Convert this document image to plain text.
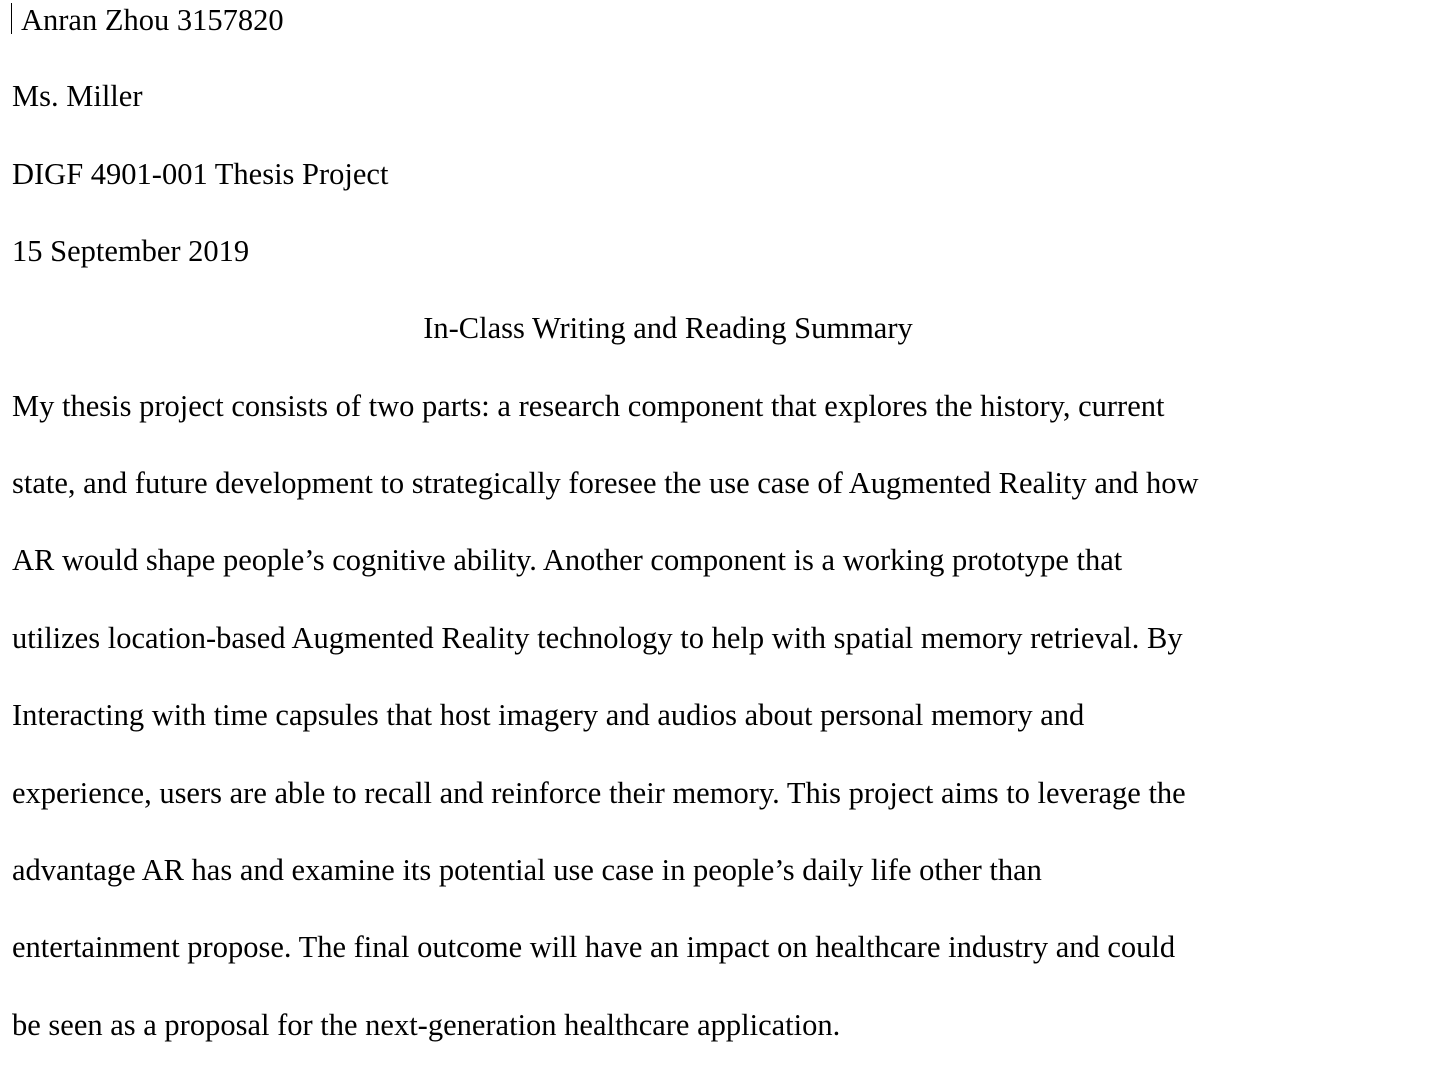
Anran Zhou 3157820
Ms. Miller
DIGF 4901-001 Thesis Project
15 September 2019
In-Class Writing and Reading Summary
My thesis project consists of two parts: a research component that explores the history, current
state, and future development to strategically foresee the use case of Augmented Reality and how
AR would shape people’s cognitive ability. Another component is a working prototype that
utilizes location-based Augmented Reality technology to help with spatial memory retrieval. By
Interacting with time capsules that host imagery and audios about personal memory and
experience, users are able to recall and reinforce their memory. This project aims to leverage the
advantage AR has and examine its potential use case in people’s daily life other than
entertainment propose. The final outcome will have an impact on healthcare industry and could
be seen as a proposal for the next-generation healthcare application.
